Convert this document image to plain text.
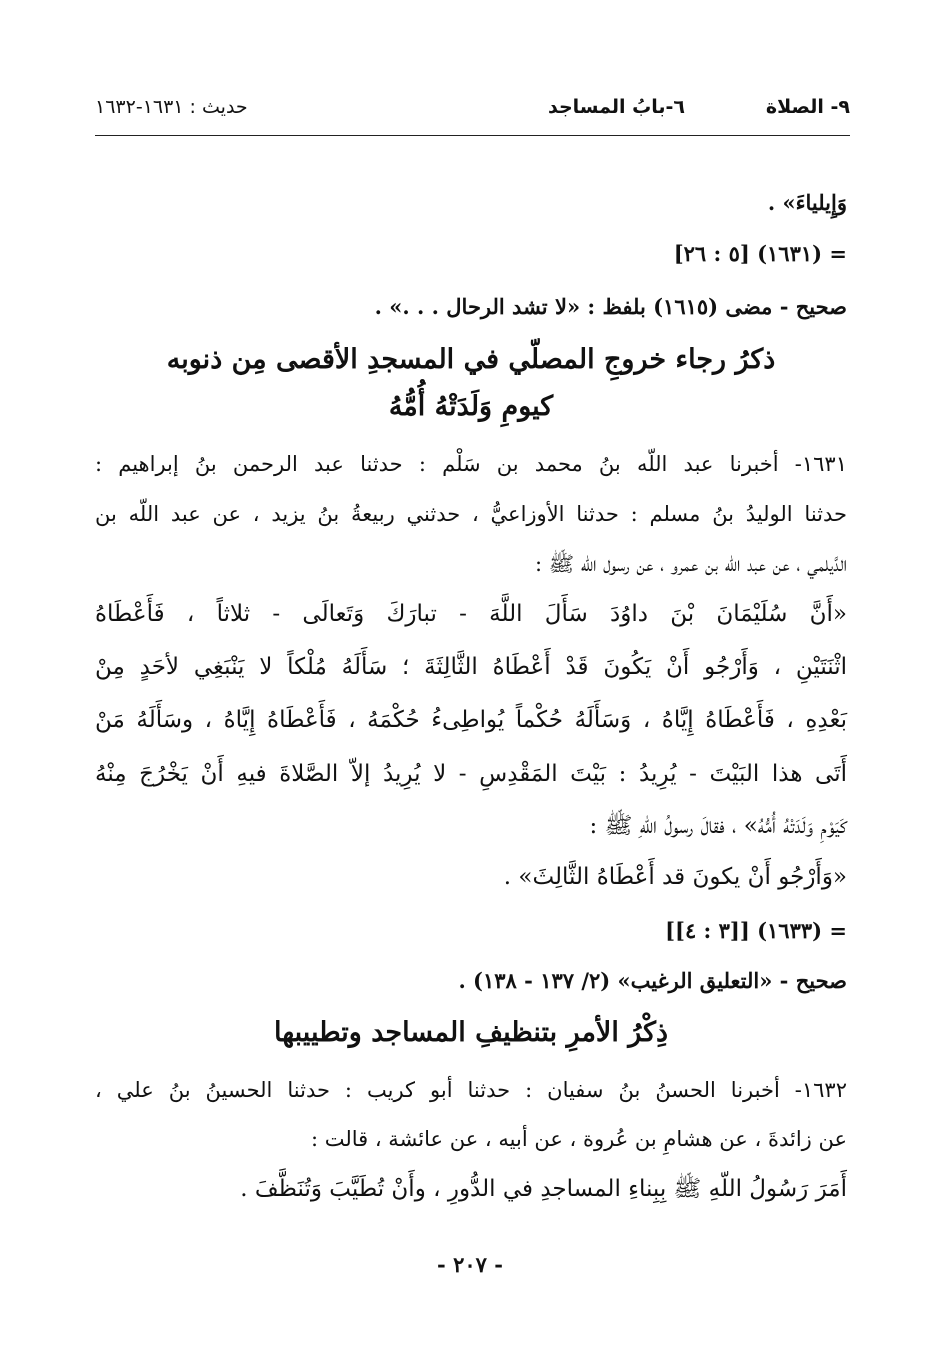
٩- الصلاة
٦-بابُ المساجد
حديث : ١٦٣١-١٦٣٢
وَإِيلياءَ» .
= (١٦٣١) [٥ : ٢٦]
صحيح - مضى (١٦١٥) بلفظ : «لا تشد الرحال . . .» .
ذكرُ رجاء خروجِ المصلّي في المسجدِ الأقصى مِن ذنوبه
كيومِ وَلَدَتْهُ أُمُّهُ
١٦٣١- أخبرنا عبد اللّه بنُ محمد بن سَلْم : حدثنا عبد الرحمن بنُ إبراهيم :
حدثنا الوليدُ بنُ مسلم : حدثنا الأوزاعيُّ ، حدثني ربيعةُ بنُ يزيد ، عن عبد اللّه بن
الدَّيلمي ، عن عبد اللّه بن عمرو ، عن رسول اللّه ﷺ :
«أَنَّ سُلَيْمَانَ بْنَ داوُدَ سَأَلَ اللَّهَ - تبارَكَ وَتَعالَى - ثلاثاً ، فَأَعْطَاهُ
اثْنَتَيْنِ ، وَأَرْجُو أَنْ يَكُونَ قَدْ أَعْطَاهُ الثَّالِثَةَ ؛ سَأَلَهُ مُلْكاً لا يَنْبَغِي لأحَدٍ مِنْ
بَعْدِهِ ، فَأَعْطَاهُ إِيَّاهُ ، وَسَأَلَهُ حُكْماً يُواطِىءُ حُكْمَهُ ، فَأَعْطَاهُ إِيَّاهُ ، وسَأَلَهُ مَنْ
أَتَى هذا البَيْتَ - يُرِيدُ : بَيْتَ المَقْدِسِ - لا يُرِيدُ إلاّ الصَّلاةَ فيهِ أَنْ يَخْرُجَ مِنْهُ
كَيَوْمِ وَلَدَتْهُ أُمُّهُ» ، فقالَ رسولُ اللّهِ ﷺ :
«وَأَرْجُو أَنْ يكونَ قد أَعْطَاهُ الثَّالِثَ» .
= (١٦٣٣) [[٣ : ٤]]
صحيح - «التعليق الرغيب» (٢/ ١٣٧ - ١٣٨) .
ذِكْرُ الأمرِ بتنظيفِ المساجد وتطييبها
١٦٣٢- أخبرنا الحسنُ بنُ سفيان : حدثنا أبو كريب : حدثنا الحسينُ بنُ علي ،
عن زائدةَ ، عن هشامِ بن عُروة ، عن أبيه ، عن عائشة ، قالت :
أَمَرَ رَسُولُ اللّهِ ﷺ بِبِناءِ المساجدِ في الدُّورِ ، وأَنْ تُطَيَّبَ وَتُنَظَّفَ .
- ٢٠٧ -
